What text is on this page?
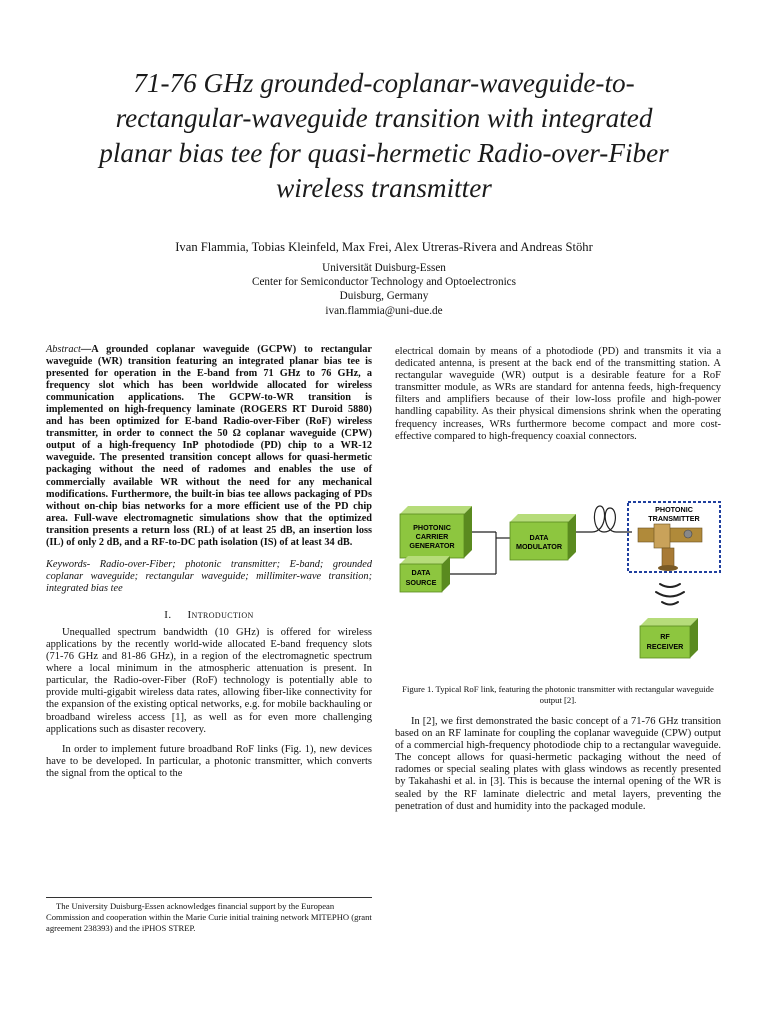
71-76 GHz grounded-coplanar-waveguide-to-
rectangular-waveguide transition with integrated
planar bias tee for quasi-hermetic Radio-over-Fiber
wireless transmitter
Ivan Flammia, Tobias Kleinfeld, Max Frei, Alex Utreras-Rivera and Andreas Stöhr
Universität Duisburg-Essen
Center for Semiconductor Technology and Optoelectronics
Duisburg, Germany
ivan.flammia@uni-due.de
Abstract—A grounded coplanar waveguide (GCPW) to rectangular waveguide (WR) transition featuring an integrated planar bias tee is presented for operation in the E-band from 71 GHz to 76 GHz, a frequency slot which has been worldwide allocated for wireless communication applications. The GCPW-to-WR transition is implemented on high-frequency laminate (ROGERS RT Duroid 5880) and has been optimized for E-band Radio-over-Fiber (RoF) wireless transmitter, in order to connect the 50 Ω coplanar waveguide (CPW) output of a high-frequency InP photodiode (PD) chip to a WR-12 waveguide. The presented transition concept allows for quasi-hermetic packaging without the need of radomes and enables the use of commercially available WR without the need for any mechanical modifications. Furthermore, the built-in bias tee allows packaging of PDs without on-chip bias networks for a more efficient use of the PD chip area. Full-wave electromagnetic simulations show that the optimized transition presents a return loss (RL) of at least 25 dB, an insertion loss (IL) of only 2 dB, and a RF-to-DC path isolation (IS) of at least 34 dB.
Keywords- Radio-over-Fiber; photonic transmitter; E-band; grounded coplanar waveguide; rectangular waveguide; millimiter-wave transition; integrated bias tee
I. Introduction

Unequalled spectrum bandwidth (10 GHz) is offered for wireless applications by the recently world-wide allocated E-band frequency slots (71-76 GHz and 81-86 GHz), in a region of the electromagnetic spectrum where a local minimum in the atmospheric attenuation is present. In particular, the Radio-over-Fiber (RoF) technology is potentially able to provide multi-gigabit wireless data rates, allowing fiber-like connectivity for the expansion of the existing optical networks, e.g. for mobile backhauling or broadband wireless access [1], as well as for even more challenging applications such as disaster recovery.

In order to implement future broadband RoF links (Fig. 1), new devices have to be developed. In particular, a photonic transmitter, which converts the signal from the optical to the

The University Duisburg-Essen acknowledges financial support by the European Commission and cooperation within the Marie Curie initial training network MITEPHO (grant agreement 238393) and the iPHOS STREP.

electrical domain by means of a photodiode (PD) and transmits it via a dedicated antenna, is present at the back end of the transmitting station. A rectangular waveguide (WR) output is a desirable feature for a RoF transmitter module, as WRs are standard for antenna feeds, high-frequency filters and amplifiers because of their low-loss profile and high-power handling capability. As their physical dimensions shrink when the operating frequency increases, WRs furthermore become compact and more cost-effective compared to high-frequency coaxial connectors.

PHOTONIC
CARRIER
GENERATOR
DATA
SOURCE
DATA
MODULATOR
PHOTONIC
TRANSMITTER
RF
RECEIVER
Figure 1. Typical RoF link, featuring the photonic transmitter with rectangular waveguide output [2].

In [2], we first demonstrated the basic concept of a 71-76 GHz transition based on an RF laminate for coupling the coplanar waveguide (CPW) output of a commercial high-frequency photodiode chip to a rectangular waveguide. The concept allows for quasi-hermetic packaging without the need of radomes or special sealing plates with glass windows as recently presented by Takahashi et al. in [3]. This is because the internal opening of the WR is sealed by the RF laminate dielectric and metal layers, preventing the penetration of dust and humidity into the packaged module.
